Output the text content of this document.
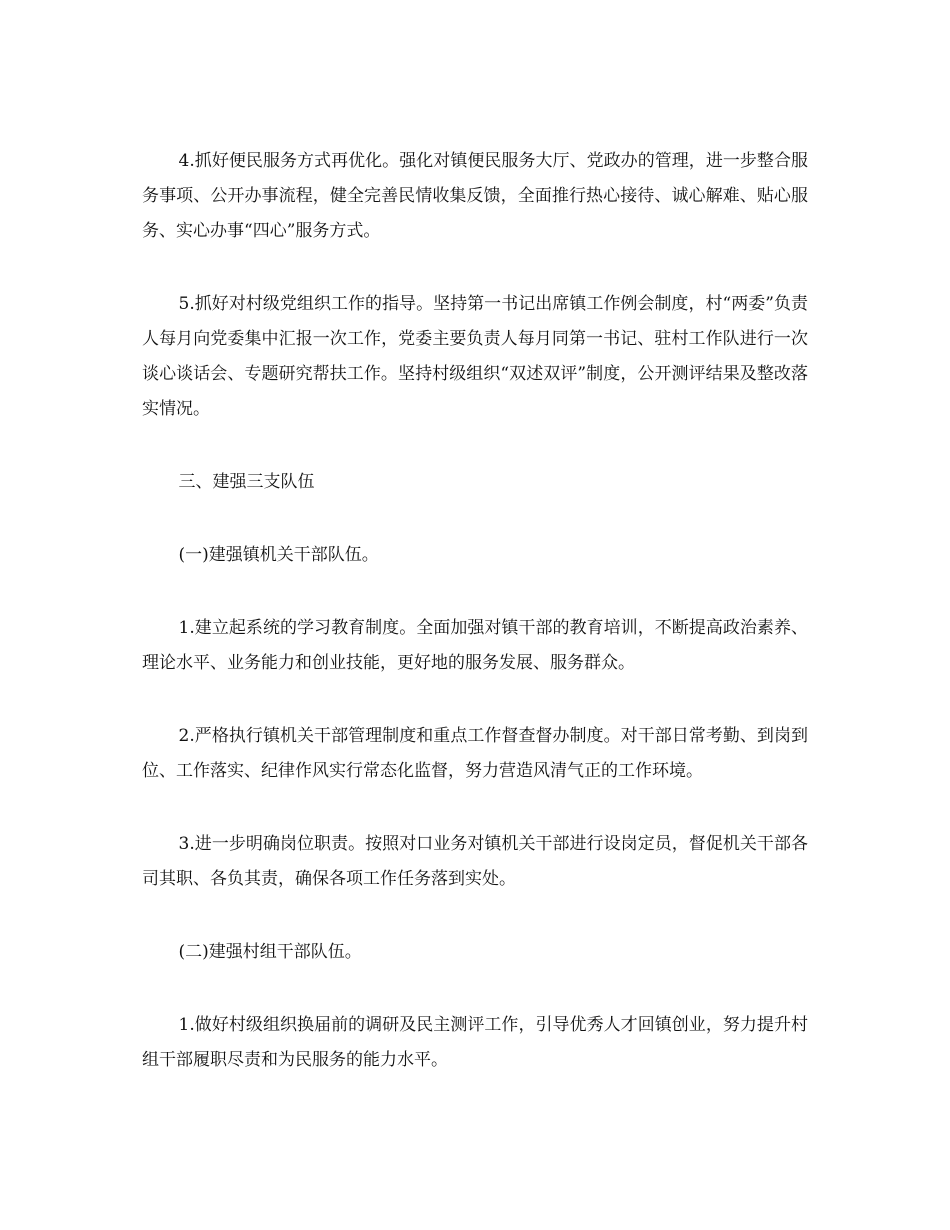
4.抓好便民服务方式再优化。强化对镇便民服务大厅、党政办的管理，进一步整合服务事项、公开办事流程，健全完善民情收集反馈，全面推行热心接待、诚心解难、贴心服务、实心办事“四心”服务方式。

5.抓好对村级党组织工作的指导。坚持第一书记出席镇工作例会制度，村“两委”负责人每月向党委集中汇报一次工作，党委主要负责人每月同第一书记、驻村工作队进行一次谈心谈话会、专题研究帮扶工作。坚持村级组织“双述双评”制度，公开测评结果及整改落实情况。

三、建强三支队伍

(一)建强镇机关干部队伍。

1.建立起系统的学习教育制度。全面加强对镇干部的教育培训，不断提高政治素养、理论水平、业务能力和创业技能，更好地的服务发展、服务群众。

2.严格执行镇机关干部管理制度和重点工作督查督办制度。对干部日常考勤、到岗到位、工作落实、纪律作风实行常态化监督，努力营造风清气正的工作环境。

3.进一步明确岗位职责。按照对口业务对镇机关干部进行设岗定员，督促机关干部各司其职、各负其责，确保各项工作任务落到实处。

(二)建强村组干部队伍。

1.做好村级组织换届前的调研及民主测评工作，引导优秀人才回镇创业，努力提升村组干部履职尽责和为民服务的能力水平。
